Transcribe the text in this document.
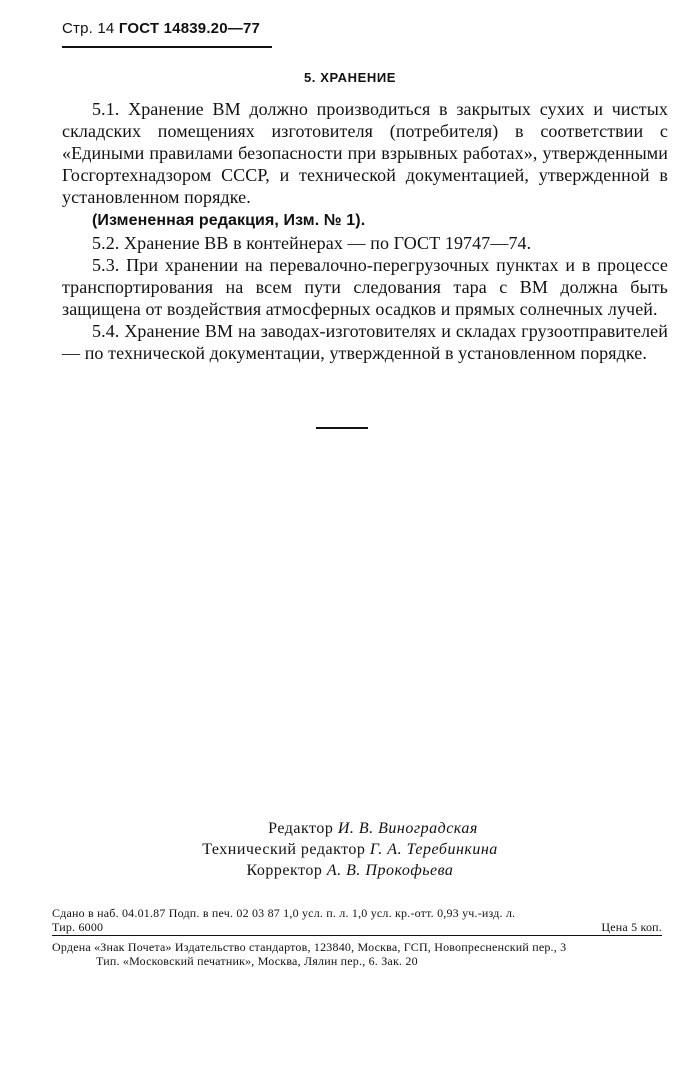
Стр. 14 ГОСТ 14839.20—77
5. ХРАНЕНИЕ

5.1. Хранение ВМ должно производиться в закрытых сухих и чистых складских помещениях изготовителя (потребителя) в соответствии с «Едиными правилами безопасности при взрывных работах», утвержденными Госгортехнадзором СССР, и технической документацией, утвержденной в установленном порядке.

(Измененная редакция, Изм. № 1).

5.2. Хранение ВВ в контейнерах — по ГОСТ 19747—74.

5.3. При хранении на перевалочно-перегрузочных пунктах и в процессе транспортирования на всем пути следования тара с ВМ должна быть защищена от воздействия атмосферных осадков и прямых солнечных лучей.

5.4. Хранение ВМ на заводах-изготовителях и складах грузоотправителей — по технической документации, утвержденной в установленном порядке.

Редактор И. В. Виноградская
Технический редактор Г. А. Теребинкина
Корректор А. В. Прокофьева
Сдано в наб. 04.01.87 Подп. в печ. 02 03 87 1,0 усл. п. л. 1,0 усл. кр.-отт. 0,93 уч.-изд. л.
Тир. 6000	Цена 5 коп.
Ордена «Знак Почета» Издательство стандартов, 123840, Москва, ГСП, Новопресненский пер., 3
Тип. «Московский печатник», Москва, Лялин пер., 6. Зак. 20
